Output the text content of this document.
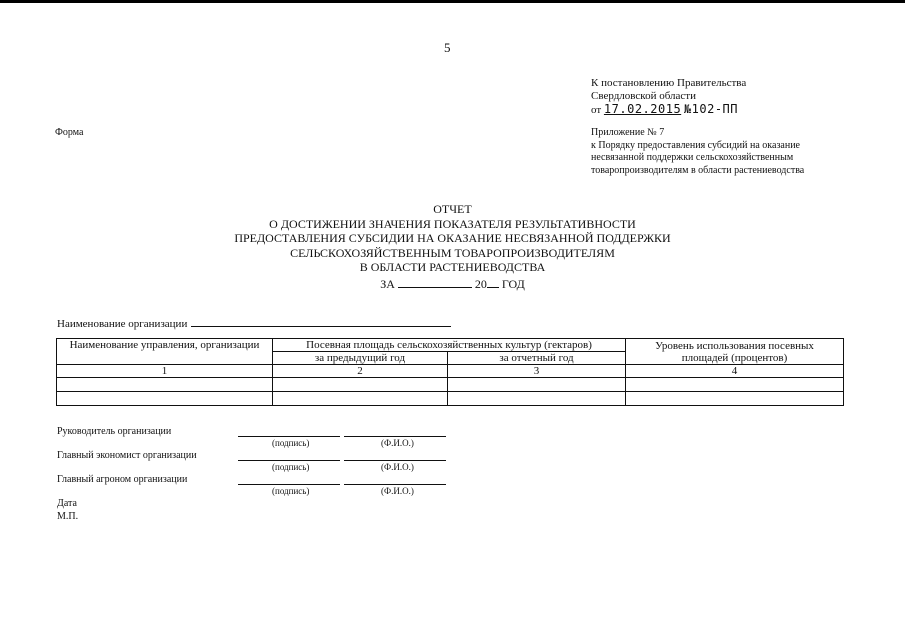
5
К постановлению Правительства
Свердловской области
от 17.02.2015 №102-ПП
Форма	Приложение № 7
к Порядку предоставления субсидий на оказание
несвязанной поддержки сельскохозяйственным
товаропроизводителям в области растениеводства
ОТЧЕТ
О ДОСТИЖЕНИИ ЗНАЧЕНИЯ ПОКАЗАТЕЛЯ РЕЗУЛЬТАТИВНОСТИ
ПРЕДОСТАВЛЕНИЯ СУБСИДИИ НА ОКАЗАНИЕ НЕСВЯЗАННОЙ ПОДДЕРЖКИ
СЕЛЬСКОХОЗЯЙСТВЕННЫМ ТОВАРОПРОИЗВОДИТЕЛЯМ
В ОБЛАСТИ РАСТЕНИЕВОДСТВА
ЗА	20 ГОД
Наименование организации
Наименование управления, организации	Посевная площадь сельскохозяйственных культур (гектаров)		Уровень использования посевных площадей (процентов)
	за предыдущий год	за отчетный год	
1	2	3	4

Руководитель организации
(подпись)	(Ф.И.О.)
Главный экономист организации
(подпись)	(Ф.И.О.)
Главный агроном организации
(подпись)	(Ф.И.О.)
Дата
М.П.
